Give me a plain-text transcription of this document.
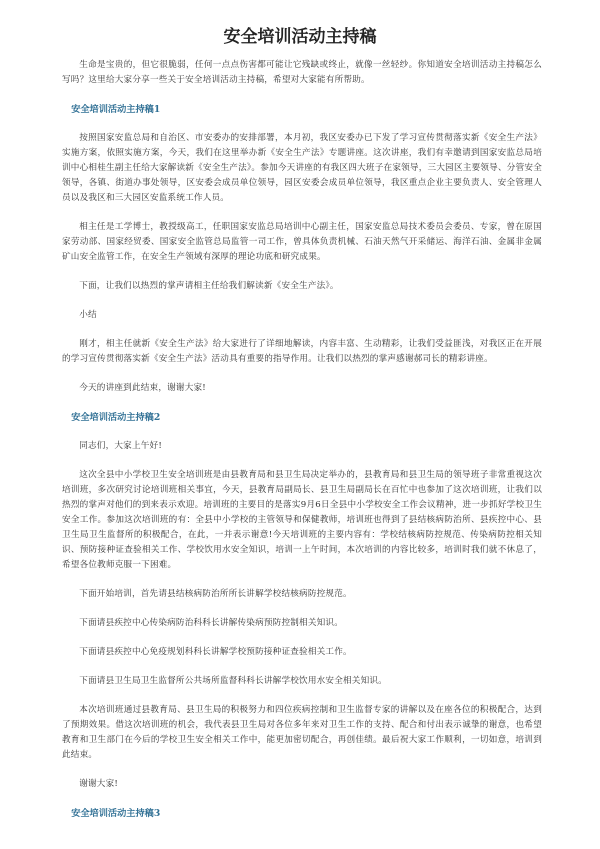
安全培训活动主持稿

生命是宝贵的，但它很脆弱，任何一点点伤害都可能让它残缺或终止，就像一丝轻纱。你知道安全培训活动主持稿怎么写吗？这里给大家分享一些关于安全培训活动主持稿，希望对大家能有所帮助。

安全培训活动主持稿1

按照国家安监总局和自治区、市安委办的安排部署，本月初，我区安委办已下发了学习宣传贯彻落实新《安全生产法》实施方案，依照实施方案，今天，我们在这里举办新《安全生产法》专题讲座。这次讲座，我们有幸邀请到国家安监总局培训中心相桂生副主任给大家解读新《安全生产法》。参加今天讲座的有我区四大班子在家领导，三大园区主要领导、分管安全领导，各镇、街道办事处领导，区安委会成员单位领导，园区安委会成员单位领导，我区重点企业主要负责人、安全管理人员以及我区和三大园区安监系统工作人员。

相主任是工学博士，教授级高工，任职国家安监总局培训中心副主任，国家安监总局技术委员会委员、专家，曾在原国家劳动部、国家经贸委、国家安全监管总局监管一司工作，曾具体负责机械、石油天然气开采储运、海洋石油、金属非金属矿山安全监管工作，在安全生产领域有深厚的理论功底和研究成果。

下面，让我们以热烈的掌声请相主任给我们解读新《安全生产法》。

小结

刚才，相主任就新《安全生产法》给大家进行了详细地解读，内容丰富、生动精彩，让我们受益匪浅，对我区正在开展的学习宣传贯彻落实新《安全生产法》活动具有重要的指导作用。让我们以热烈的掌声感谢郝司长的精彩讲座。

今天的讲座到此结束，谢谢大家!

安全培训活动主持稿2

同志们，大家上午好!

这次全县中小学校卫生安全培训班是由县教育局和县卫生局决定举办的，县教育局和县卫生局的领导班子非常重视这次培训班，多次研究讨论培训班相关事宜，今天，县教育局副局长、县卫生局副局长在百忙中也参加了这次培训班，让我们以热烈的掌声对他们的到来表示欢迎。培训班的主要目的是落实9月6日全县中小学校安全工作会议精神，进一步抓好学校卫生安全工作。参加这次培训班的有：全县中小学校的主管领导和保健教师，培训班也得到了县结核病防治所、县疾控中心、县卫生局卫生监督所的积极配合，在此，一并表示谢意!今天培训班的主要内容有：学校结核病防控规范、传染病防控相关知识、预防接种证查验相关工作、学校饮用水安全知识，培训一上午时间，本次培训的内容比较多，培训时我们就不休息了，希望各位教师克服一下困难。

下面开始培训，首先请县结核病防治所所长讲解学校结核病防控规范。

下面请县疾控中心传染病防治科科长讲解传染病预防控制相关知识。

下面请县疾控中心免疫规划科科长讲解学校预防接种证查验相关工作。

下面请县卫生局卫生监督所公共场所监督科科长讲解学校饮用水安全相关知识。

本次培训班通过县教育局、县卫生局的积极努力和四位疾病控制和卫生监督专家的讲解以及在座各位的积极配合，达到了预期效果。借这次培训班的机会，我代表县卫生局对各位多年来对卫生工作的支持、配合和付出表示诚挚的谢意，也希望教育和卫生部门在今后的学校卫生安全相关工作中，能更加密切配合，再创佳绩。最后祝大家工作顺利，一切如意，培训到此结束。

谢谢大家!

安全培训活动主持稿3
